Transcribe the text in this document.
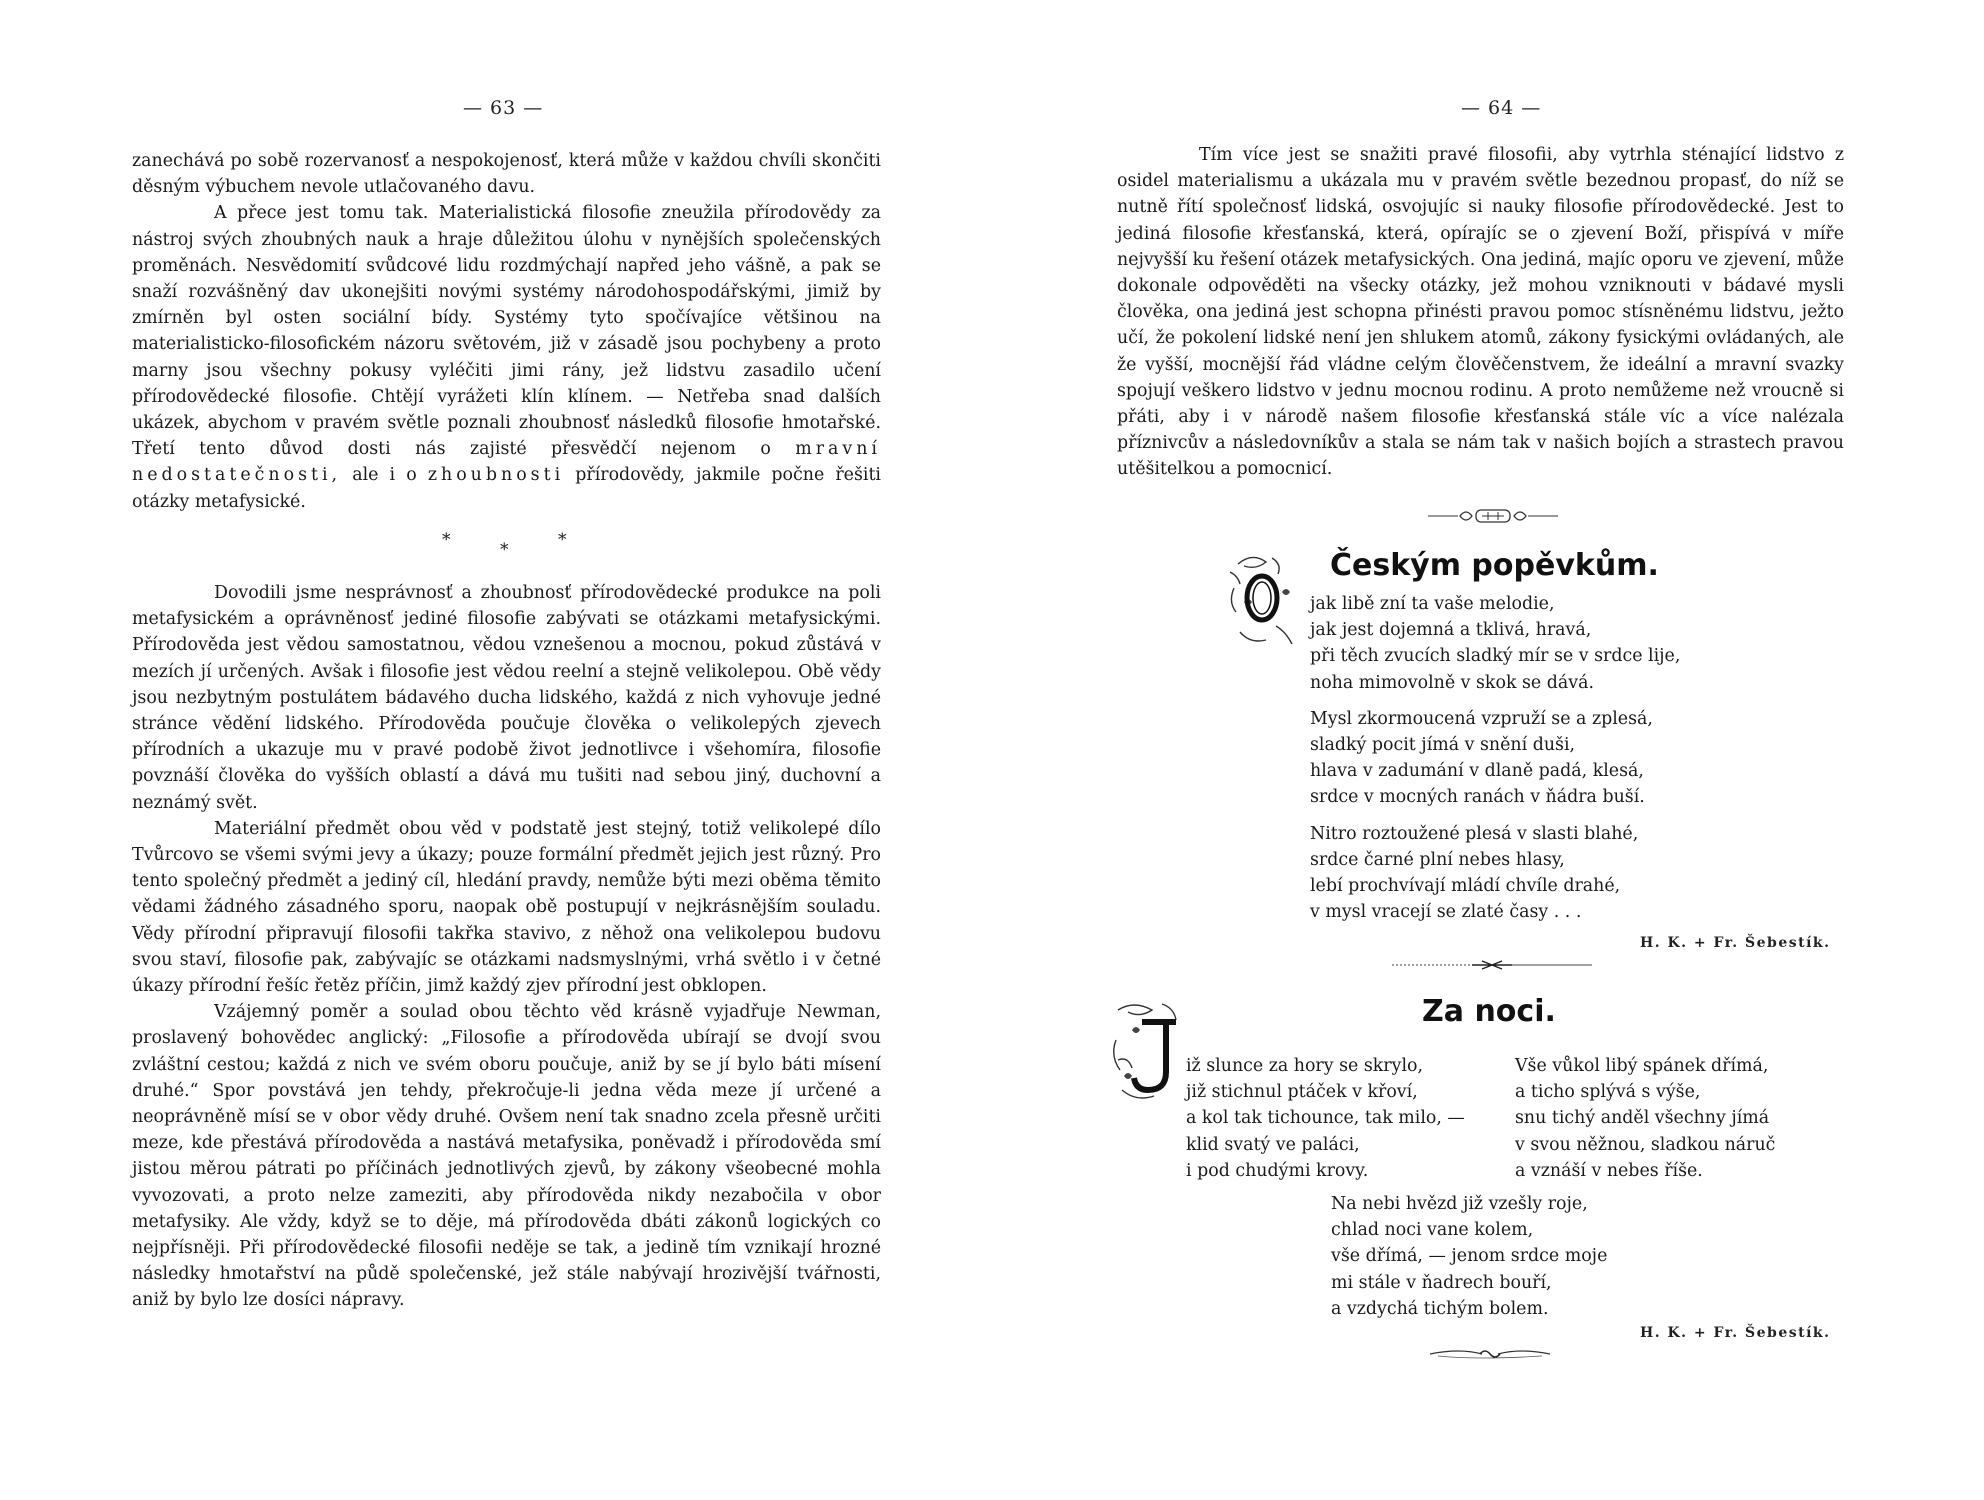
— 63 —

zanechává po sobě rozervanosť a nespokojenosť, která může v každou chvíli skončiti děsným výbuchem nevole utlačovaného davu.

A přece jest tomu tak. Materialistická filosofie zneužila přírodovědy za nástroj svých zhoubných nauk a hraje důležitou úlohu v nynějších společenských proměnách. Nesvědomití svůdcové lidu rozdmýchají napřed jeho vášně, a pak se snaží rozvášněný dav ukonejšiti novými systémy národohospodářskými, jimiž by zmírněn byl osten sociální bídy. Systémy tyto spočívajíce většinou na materialisticko-filosofickém názoru světovém, již v zásadě jsou pochybeny a proto marny jsou všechny pokusy vyléčiti jimi rány, jež lidstvu zasadilo učení přírodovědecké filosofie. Chtějí vyrážeti klín klínem. — Netřeba snad dalších ukázek, abychom v pravém světle poznali zhoubnosť následků filosofie hmotařské. Třetí tento důvod dosti nás zajisté přesvědčí nejenom o mravní nedostatečnosti, ale i o zhoubnosti přírodovědy, jakmile počne řešiti otázky metafysické.

*	*	*

Dovodili jsme nesprávnosť a zhoubnosť přírodovědecké produkce na poli metafysickém a oprávněnosť jediné filosofie zabývati se otázkami metafysickými. Přírodověda jest vědou samostatnou, vědou vznešenou a mocnou, pokud zůstává v mezích jí určených. Avšak i filosofie jest vědou reelní a stejně velikolepou. Obě vědy jsou nezbytným postulátem bádavého ducha lidského, každá z nich vyhovuje jedné stránce vědění lidského. Přírodověda poučuje člověka o velikolepých zjevech přírodních a ukazuje mu v pravé podobě život jednotlivce i všehomíra, filosofie povznáší člověka do vyšších oblastí a dává mu tušiti nad sebou jiný, duchovní a neznámý svět.

Materiální předmět obou věd v podstatě jest stejný, totiž velikolepé dílo Tvůrcovo se všemi svými jevy a úkazy; pouze formální předmět jejich jest různý. Pro tento společný předmět a jediný cíl, hledání pravdy, nemůže býti mezi oběma těmito vědami žádného zásadného sporu, naopak obě postupují v nejkrásnějším souladu. Vědy přírodní připravují filosofii takřka stavivo, z něhož ona velikolepou budovu svou staví, filosofie pak, zabývajíc se otázkami nadsmyslnými, vrhá světlo i v četné úkazy přírodní řešíc řetěz příčin, jimž každý zjev přírodní jest obklopen.

Vzájemný poměr a soulad obou těchto věd krásně vyjadřuje Newman, proslavený bohovědec anglický: „Filosofie a přírodověda ubírají se dvojí svou zvláštní cestou; každá z nich ve svém oboru poučuje, aniž by se jí bylo báti mísení druhé.“ Spor povstává jen tehdy, překročuje-li jedna věda meze jí určené a neoprávněně mísí se v obor vědy druhé. Ovšem není tak snadno zcela přesně určiti meze, kde přestává přírodověda a nastává metafysika, poněvadž i přírodověda smí jistou měrou pátrati po příčinách jednotlivých zjevů, by zákony všeobecné mohla vyvozovati, a proto nelze zameziti, aby přírodověda nikdy nezabočila v obor metafysiky. Ale vždy, když se to děje, má přírodověda dbáti zákonů logických co nejpřísněji. Při přírodovědecké filosofii neděje se tak, a jedině tím vznikají hrozné následky hmotařství na půdě společenské, jež stále nabývají hrozivější tvářnosti, aniž by bylo lze dosíci nápravy.

— 64 —

Tím více jest se snažiti pravé filosofii, aby vytrhla sténající lidstvo z osidel materialismu a ukázala mu v pravém světle bezednou propasť, do níž se nutně řítí společnosť lidská, osvojujíc si nauky filosofie přírodovědecké. Jest to jediná filosofie křesťanská, která, opírajíc se o zjevení Boží, přispívá v míře nejvyšší ku řešení otázek metafysických. Ona jediná, majíc oporu ve zjevení, může dokonale odpověděti na všecky otázky, jež mohou vzniknouti v bádavé mysli člověka, ona jediná jest schopna přinésti pravou pomoc stísněnému lidstvu, ježto učí, že pokolení lidské není jen shlukem atomů, zákony fysickými ovládaných, ale že vyšší, mocnější řád vládne celým člověčenstvem, že ideální a mravní svazky spojují veškero lidstvo v jednu mocnou rodinu. A proto nemůžeme než vroucně si přáti, aby i v národě našem filosofie křesťanská stále víc a více nalézala příznivcův a následovníkův a stala se nám tak v našich bojích a strastech pravou utěšitelkou a pomocnicí.

Českým popěvkům.
jak libě zní ta vaše melodie,
jak jest dojemná a tklivá, hravá,
při těch zvucích sladký mír se v srdce lije,
noha mimovolně v skok se dává.
Mysl zkormoucená vzpruží se a zplesá,
sladký pocit jímá v snění duši,
hlava v zadumání v dlaně padá, klesá,
srdce v mocných ranách v ňádra buší.
Nitro roztoužené plesá v slasti blahé,
srdce čarné plní nebes hlasy,
lebí prochvívají mládí chvíle drahé,
v mysl vracejí se zlaté časy . . .
H. K. + Fr. Šebestík.
Za noci.
iž slunce za hory se skrylo,
již stichnul ptáček v křoví,
a kol tak tichounce, tak milo, —
klid svatý ve paláci,
i pod chudými krovy.
Vše vůkol libý spánek dřímá,
a ticho splývá s výše,
snu tichý anděl všechny jímá
v svou něžnou, sladkou náruč
a vznáší v nebes říše.
Na nebi hvězd již vzešly roje,
chlad noci vane kolem,
vše dřímá, — jenom srdce moje
mi stále v ňadrech bouří,
a vzdychá tichým bolem.
H. K. + Fr. Šebestík.
